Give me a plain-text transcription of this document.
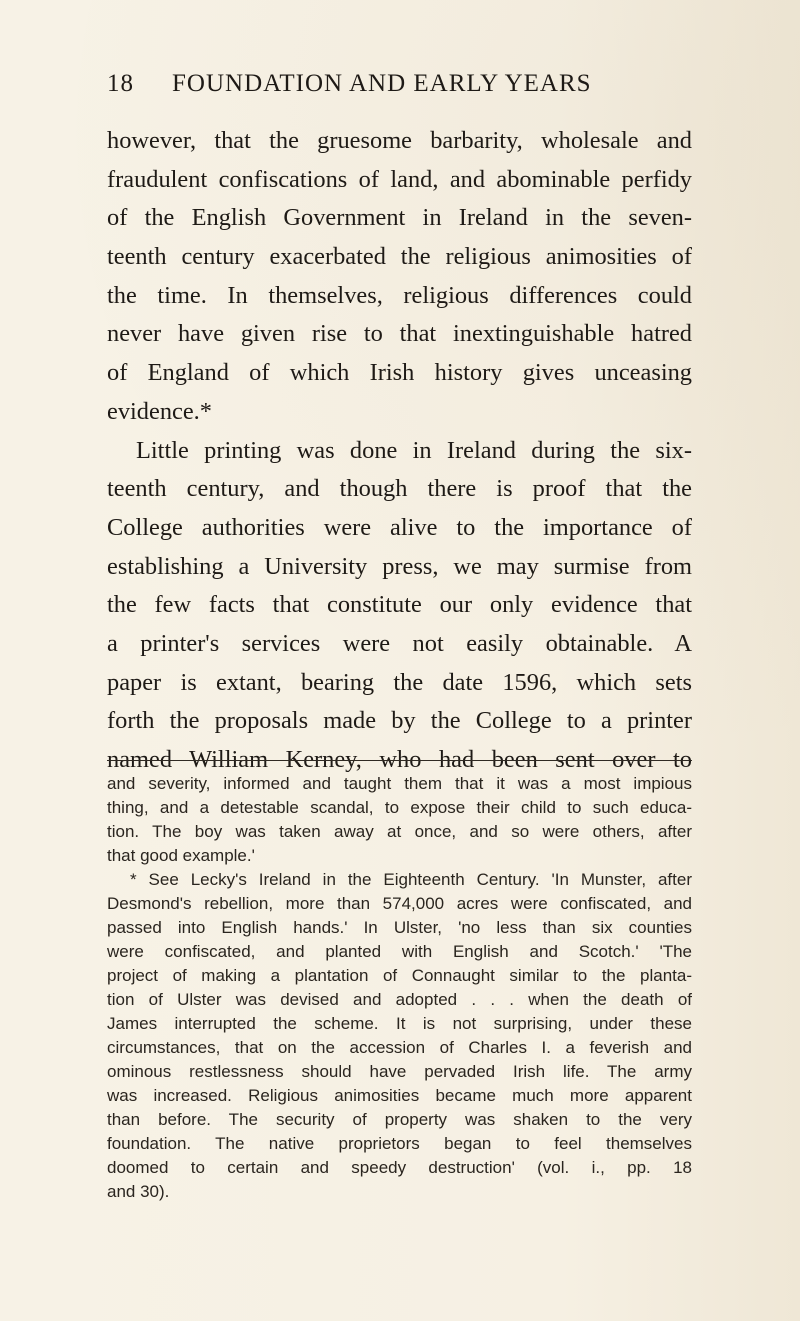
18 FOUNDATION AND EARLY YEARS
however, that the gruesome barbarity, wholesale and
fraudulent confiscations of land, and abominable perfidy
of the English Government in Ireland in the seven-
teenth century exacerbated the religious animosities of
the time. In themselves, religious differences could
never have given rise to that inextinguishable hatred
of England of which Irish history gives unceasing
evidence.*
Little printing was done in Ireland during the six-
teenth century, and though there is proof that the
College authorities were alive to the importance of
establishing a University press, we may surmise from
the few facts that constitute our only evidence that
a printer's services were not easily obtainable. A
paper is extant, bearing the date 1596, which sets
forth the proposals made by the College to a printer
named William Kerney, who had been sent over to
and severity, informed and taught them that it was a most impious
thing, and a detestable scandal, to expose their child to such educa-
tion. The boy was taken away at once, and so were others, after
that good example.'
* See Lecky's Ireland in the Eighteenth Century. 'In Munster, after
Desmond's rebellion, more than 574,000 acres were confiscated, and
passed into English hands.' In Ulster, 'no less than six counties
were confiscated, and planted with English and Scotch.' 'The
project of making a plantation of Connaught similar to the planta-
tion of Ulster was devised and adopted . . . when the death of
James interrupted the scheme. It is not surprising, under these
circumstances, that on the accession of Charles I. a feverish and
ominous restlessness should have pervaded Irish life. The army
was increased. Religious animosities became much more apparent
than before. The security of property was shaken to the very
foundation. The native proprietors began to feel themselves
doomed to certain and speedy destruction' (vol. i., pp. 18
and 30).
